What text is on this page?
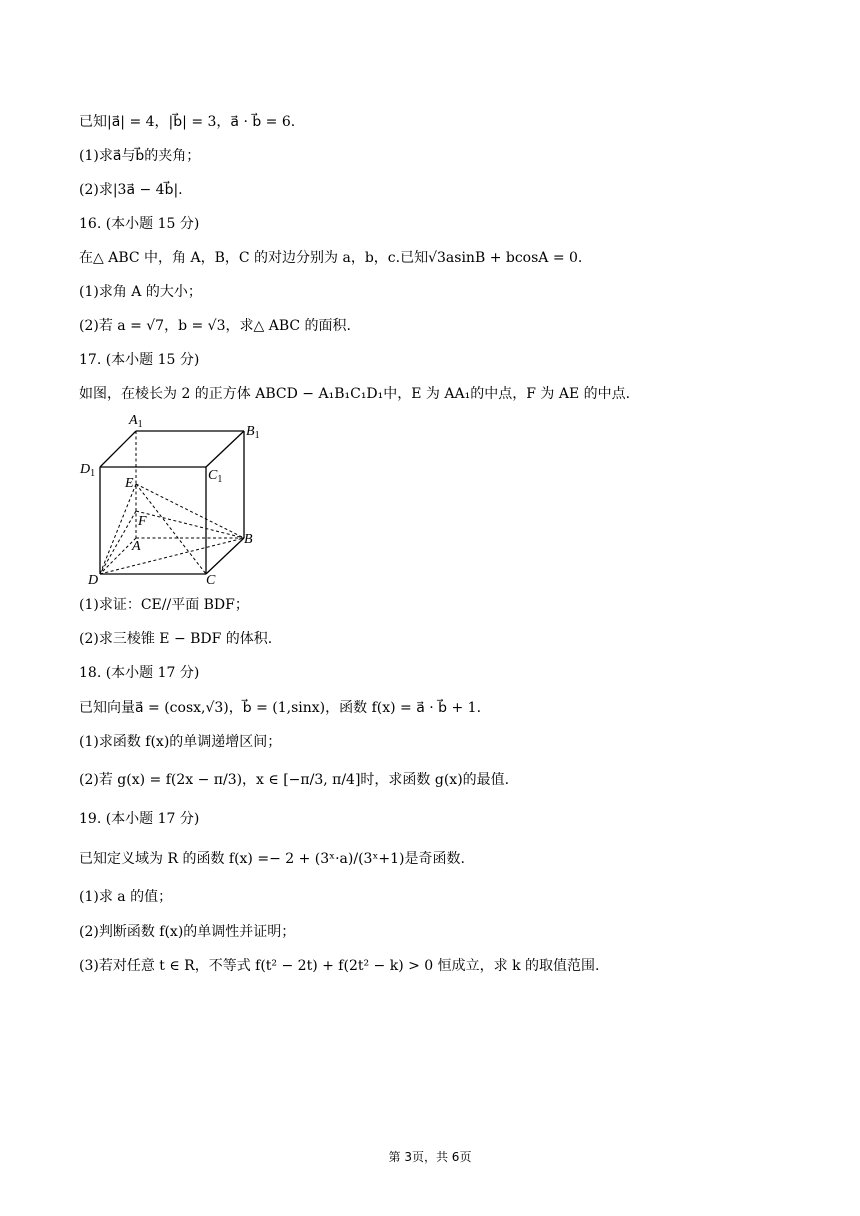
已知|a⃗| = 4，|b⃗| = 3，a⃗ · b⃗ = 6.
(1)求a⃗与b⃗的夹角；
(2)求|3a⃗ − 4b⃗|.
16. (本小题 15 分)
在△ ABC 中，角 A，B，C 的对边分别为 a，b，c.已知√3asinB + bcosA = 0.
(1)求角 A 的大小；
(2)若 a = √7，b = √3，求△ ABC 的面积.
17. (本小题 15 分)
如图，在棱长为 2 的正方体 ABCD − A₁B₁C₁D₁中，E 为 AA₁的中点，F 为 AE 的中点.
(1)求证：CE//平面 BDF；
(2)求三棱锥 E − BDF 的体积.
18. (本小题 17 分)
已知向量a⃗ = (cosx,√3)，b⃗ = (1,sinx)，函数 f(x) = a⃗ · b⃗ + 1.
(1)求函数 f(x)的单调递增区间；
(2)若 g(x) = f(2x − π/3)，x ∈ [−π/3, π/4]时，求函数 g(x)的最值.
19. (本小题 17 分)
已知定义域为 R 的函数 f(x) =− 2 + (3ˣ·a)/(3ˣ+1)是奇函数.
(1)求 a 的值；
(2)判断函数 f(x)的单调性并证明；
(3)若对任意 t ∈ R，不等式 f(t² − 2t) + f(2t² − k) > 0 恒成立，求 k 的取值范围.
$A_1$	$B_1$
$C_1$
$D_1$
E
F
A	B
C
D
第 3页，共 6页
